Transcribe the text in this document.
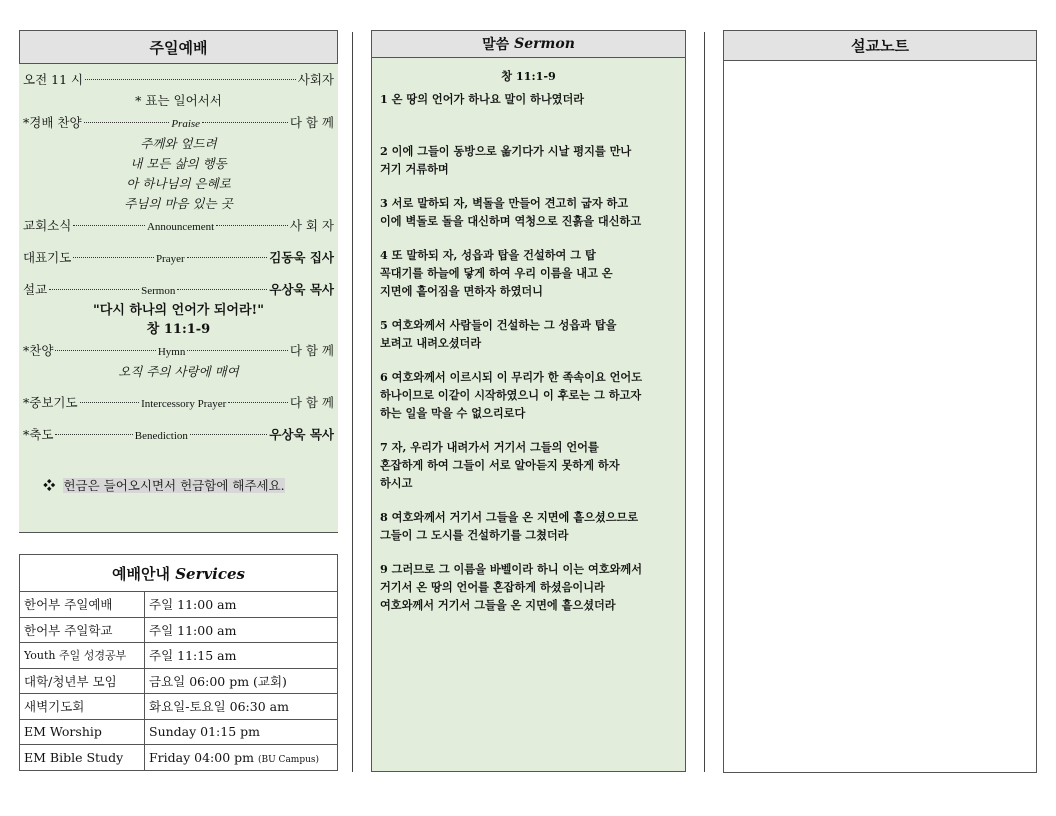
주일예배
오전 11 시	사회자
* 표는 일어서서
*경배 찬양	Praise	다 함 께
주께와 엎드려
내 모든 삶의 행동
아 하나님의 은혜로
주님의 마음 있는 곳
교회소식	Announcement	사 회 자
대표기도	Prayer	김동욱 집사
설교	Sermon	우상욱 목사
"다시 하나의 언어가 되어라!"
창 11:1-9
*찬양	Hymn	다 함 께
오직 주의 사랑에 매여
*중보기도	Intercessory Prayer	다 함 께
*축도	Benediction	우상욱 목사
❖ 헌금은 들어오시면서 헌금함에 해주세요.
예배안내 Services	
한어부 주일예배	주일 11:00 am
한어부 주일학교	주일 11:00 am
Youth 주일 성경공부	주일 11:15 am
대학/청년부 모임	금요일 06:00 pm (교회)
새벽기도회	화요일-토요일 06:30 am
EM Worship	Sunday 01:15 pm
EM Bible Study	Friday 04:00 pm (BU Campus)
말씀 Sermon
창 11:1-9
1 온 땅의 언어가 하나요 말이 하나였더라
2 이에 그들이 동방으로 옮기다가 시날 평지를 만나
거기 거류하며
3 서로 말하되 자, 벽돌을 만들어 견고히 굽자 하고
이에 벽돌로 돌을 대신하며 역청으로 진흙을 대신하고
4 또 말하되 자, 성읍과 탑을 건설하여 그 탑
꼭대기를 하늘에 닿게 하여 우리 이름을 내고 온
지면에 흩어짐을 면하자 하였더니
5 여호와께서 사람들이 건설하는 그 성읍과 탑을
보려고 내려오셨더라
6 여호와께서 이르시되 이 무리가 한 족속이요 언어도
하나이므로 이같이 시작하였으니 이 후로는 그 하고자
하는 일을 막을 수 없으리로다
7 자, 우리가 내려가서 거기서 그들의 언어를
혼잡하게 하여 그들이 서로 알아듣지 못하게 하자
하시고
8 여호와께서 거기서 그들을 온 지면에 흩으셨으므로
그들이 그 도시를 건설하기를 그쳤더라
9 그러므로 그 이름을 바벨이라 하니 이는 여호와께서
거기서 온 땅의 언어를 혼잡하게 하셨음이니라
여호와께서 거기서 그들을 온 지면에 흩으셨더라
설교노트
